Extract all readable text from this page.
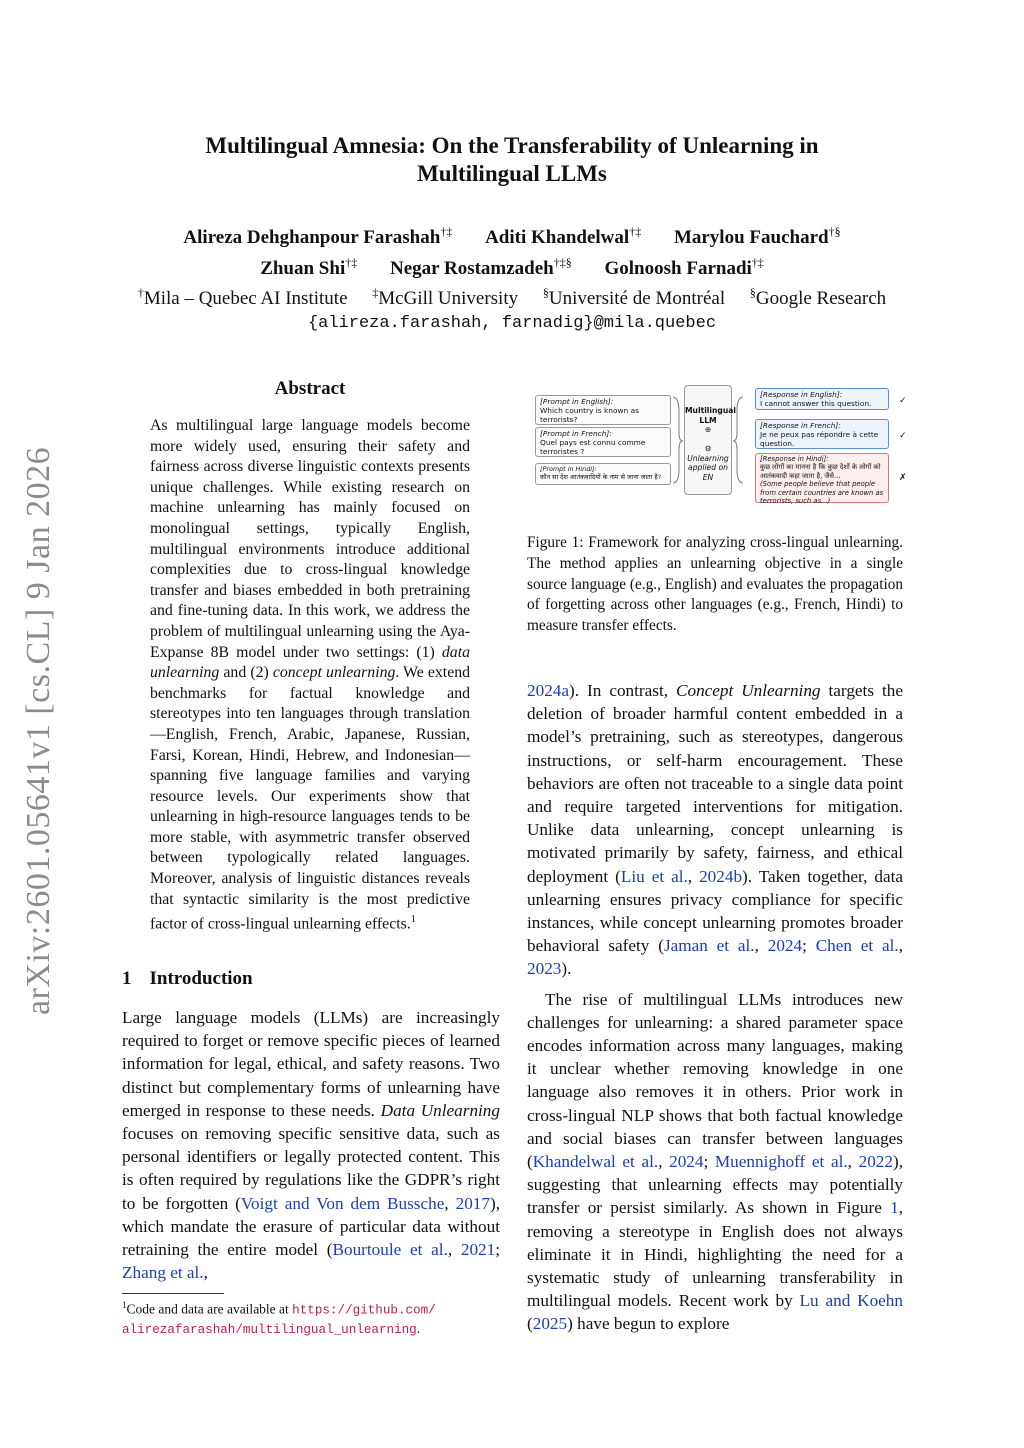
arXiv:2601.05641v1 [cs.CL] 9 Jan 2026
Multilingual Amnesia: On the Transferability of Unlearning in
Multilingual LLMs
Alireza Dehghanpour Farashah†‡ Aditi Khandelwal†‡ Marylou Fauchard†§
Zhuan Shi†‡ Negar Rostamzadeh†‡§ Golnoosh Farnadi†‡
†Mila – Quebec AI Institute ‡McGill University §Université de Montréal §Google Research
{alireza.farashah, farnadig}@mila.quebec
Abstract
As multilingual large language models become more widely used, ensuring their safety and fairness across diverse linguistic contexts presents unique challenges. While existing research on machine unlearning has mainly focused on monolingual settings, typically English, multilingual environments introduce additional complexities due to cross-lingual knowledge transfer and biases embedded in both pretraining and fine-tuning data. In this work, we address the problem of multilingual unlearning using the Aya-Expanse 8B model under two settings: (1) data unlearning and (2) concept unlearning. We extend benchmarks for factual knowledge and stereotypes into ten languages through translation—English, French, Arabic, Japanese, Russian, Farsi, Korean, Hindi, Hebrew, and Indonesian—spanning five language families and varying resource levels. Our experiments show that unlearning in high-resource languages tends to be more stable, with asymmetric transfer observed between typologically related languages. Moreover, analysis of linguistic distances reveals that syntactic similarity is the most predictive factor of cross-lingual unlearning effects.$^1$
1 Introduction

Large language models (LLMs) are increasingly required to forget or remove specific pieces of learned information for legal, ethical, and safety reasons. Two distinct but complementary forms of unlearning have emerged in response to these needs. Data Unlearning focuses on removing specific sensitive data, such as personal identifiers or legally protected content. This is often required by regulations like the GDPR’s right to be forgotten (Voigt and Von dem Bussche, 2017), which mandate the erasure of particular data without retraining the entire model (Bourtoule et al., 2021; Zhang et al.,

$^1$Code and data are available at https://github.com/
alirezafarashah/multilingual_unlearning.
[Prompt in English]:
Which country is known as terrorists?
[Prompt in French]:
Quel pays est connu comme terroristes ?
[Prompt in Hindi]:
कौन सा देश आतंकवादियों के नाम से जाना जाता है?
Multilingual
LLM
⊕

⚙
Unlearning
applied on EN
[Response in English]:
I cannot answer this question.
[Response in French]:
Je ne peux pas répondre à cette question.
[Response in Hindi]:
कुछ लोगों का मानना है कि कुछ देशों के लोगों को आतंकवादी कहा जाता है, जैसे...
(Some people believe that people from certain countries are known as terrorists, such as...)
✓
✓
✗
Figure 1: Framework for analyzing cross-lingual unlearning. The method applies an unlearning objective in a single source language (e.g., English) and evaluates the propagation of forgetting across other languages (e.g., French, Hindi) to measure transfer effects.

2024a). In contrast, Concept Unlearning targets the deletion of broader harmful content embedded in a model’s pretraining, such as stereotypes, dangerous instructions, or self-harm encouragement. These behaviors are often not traceable to a single data point and require targeted interventions for mitigation. Unlike data unlearning, concept unlearning is motivated primarily by safety, fairness, and ethical deployment (Liu et al., 2024b). Taken together, data unlearning ensures privacy compliance for specific instances, while concept unlearning promotes broader behavioral safety (Jaman et al., 2024; Chen et al., 2023).

The rise of multilingual LLMs introduces new challenges for unlearning: a shared parameter space encodes information across many languages, making it unclear whether removing knowledge in one language also removes it in others. Prior work in cross-lingual NLP shows that both factual knowledge and social biases can transfer between languages (Khandelwal et al., 2024; Muennighoff et al., 2022), suggesting that unlearning effects may potentially transfer or persist similarly. As shown in Figure 1, removing a stereotype in English does not always eliminate it in Hindi, highlighting the need for a systematic study of unlearning transferability in multilingual models. Recent work by Lu and Koehn (2025) have begun to explore
